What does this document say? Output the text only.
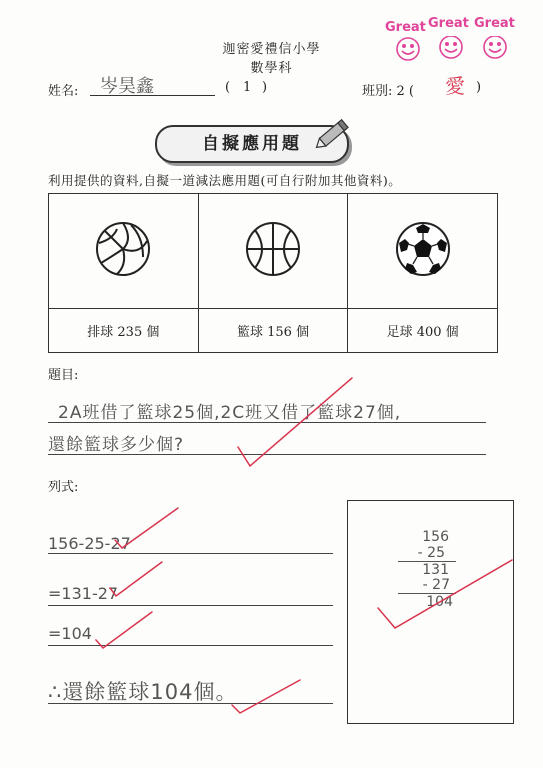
Great Great Great
迦密愛禮信小學
數學科
姓名: 岑昊鑫	( 1 )	班別: 2 ( 愛 )
自擬應用題
利用提供的資料,自擬一道減法應用題(可自行附加其他資料)。

排球 235 個	籃球 156 個	足球 400 個
題目:
2A班借了籃球25個,2C班又借了籃球27個,
還餘籃球多少個?
列式:
156-25-27
=131-27
=104
∴還餘籃球104個。
156
- 25
131
- 27
104
